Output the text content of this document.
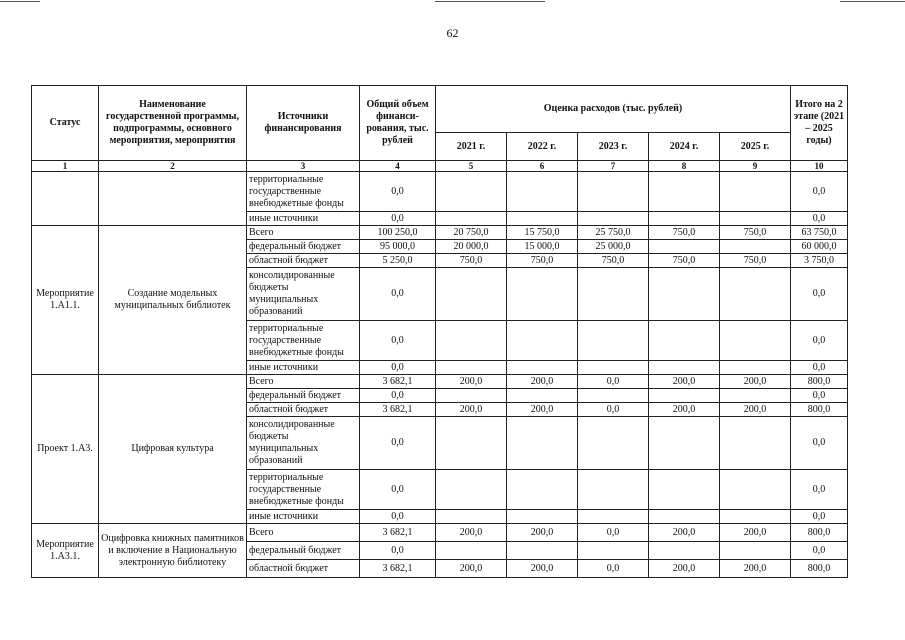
62
Статус	Наименование государственной программы, подпрограммы, основного мероприятия, мероприятия	Источники финансирования	Общий объем финанси-рования, тыс. рублей	Оценка расходов (тыс. рублей)					Итого на 2 этапе (2021 – 2025 годы)
				2021 г.	2022 г.	2023 г.	2024 г.	2025 г.	
1	2	3	4	5	6	7	8	9	10
		территориальные государственные внебюджетные фонды	0,0						0,0
		иные источники	0,0						0,0
Мероприятие 1.А1.1.	Создание модельных муниципальных библиотек	Всего	100 250,0	20 750,0	15 750,0	25 750,0	750,0	750,0	63 750,0
		федеральный бюджет	95 000,0	20 000,0	15 000,0	25 000,0			60 000,0
		областной бюджет	5 250,0	750,0	750,0	750,0	750,0	750,0	3 750,0
		консолидированные бюджеты муниципальных образований	0,0						0,0
		территориальные государственные внебюджетные фонды	0,0						0,0
		иные источники	0,0						0,0
Проект 1.А3.	Цифровая культура	Всего	3 682,1	200,0	200,0	0,0	200,0	200,0	800,0
		федеральный бюджет	0,0						0,0
		областной бюджет	3 682,1	200,0	200,0	0,0	200,0	200,0	800,0
		консолидированные бюджеты муниципальных образований	0,0						0,0
		территориальные государственные внебюджетные фонды	0,0						0,0
		иные источники	0,0						0,0
Мероприятие 1.А3.1.	Оцифровка книжных памятников и включение в Национальную электронную библиотеку	Всего	3 682,1	200,0	200,0	0,0	200,0	200,0	800,0
		федеральный бюджет	0,0						0,0
		областной бюджет	3 682,1	200,0	200,0	0,0	200,0	200,0	800,0
